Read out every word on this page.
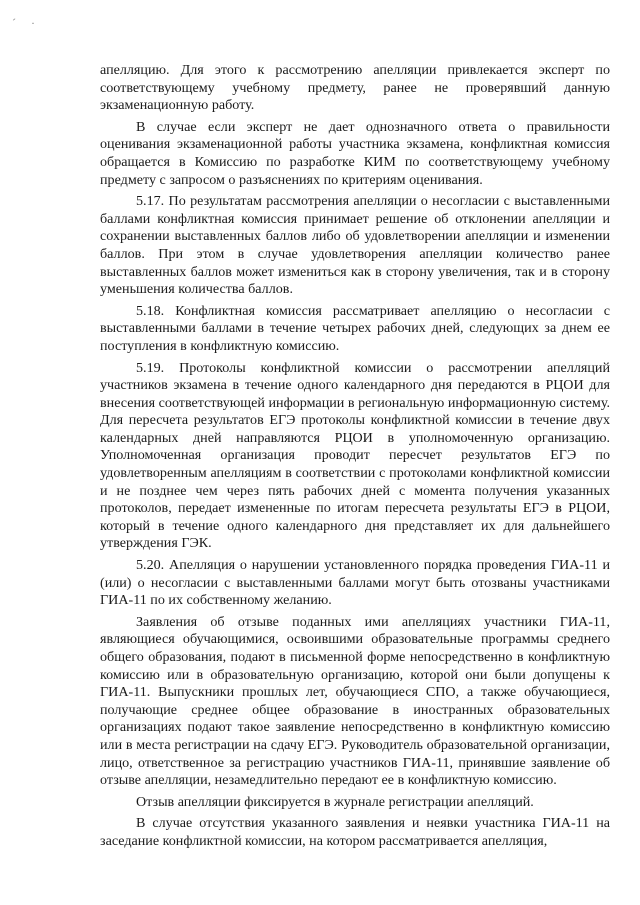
´ ·

апелляцию. Для этого к рассмотрению апелляции привлекается эксперт по соответствующему учебному предмету, ранее не проверявший данную экзаменационную работу.

В случае если эксперт не дает однозначного ответа о правильности оценивания экзаменационной работы участника экзамена, конфликтная комиссия обращается в Комиссию по разработке КИМ по соответствующему учебному предмету с запросом о разъяснениях по критериям оценивания.

5.17. По результатам рассмотрения апелляции о несогласии с выставленными баллами конфликтная комиссия принимает решение об отклонении апелляции и сохранении выставленных баллов либо об удовлетворении апелляции и изменении баллов. При этом в случае удовлетворения апелляции количество ранее выставленных баллов может измениться как в сторону увеличения, так и в сторону уменьшения количества баллов.

5.18. Конфликтная комиссия рассматривает апелляцию о несогласии с выставленными баллами в течение четырех рабочих дней, следующих за днем ее поступления в конфликтную комиссию.

5.19. Протоколы конфликтной комиссии о рассмотрении апелляций участников экзамена в течение одного календарного дня передаются в РЦОИ для внесения соответствующей информации в региональную информационную систему. Для пересчета результатов ЕГЭ протоколы конфликтной комиссии в течение двух календарных дней направляются РЦОИ в уполномоченную организацию. Уполномоченная организация проводит пересчет результатов ЕГЭ по удовлетворенным апелляциям в соответствии с протоколами конфликтной комиссии и не позднее чем через пять рабочих дней с момента получения указанных протоколов, передает измененные по итогам пересчета результаты ЕГЭ в РЦОИ, который в течение одного календарного дня представляет их для дальнейшего утверждения ГЭК.

5.20. Апелляция о нарушении установленного порядка проведения ГИА-11 и (или) о несогласии с выставленными баллами могут быть отозваны участниками ГИА-11 по их собственному желанию.

Заявления об отзыве поданных ими апелляциях участники ГИА-11, являющиеся обучающимися, освоившими образовательные программы среднего общего образования, подают в письменной форме непосредственно в конфликтную комиссию или в образовательную организацию, которой они были допущены к ГИА-11. Выпускники прошлых лет, обучающиеся СПО, а также обучающиеся, получающие среднее общее образование в иностранных образовательных организациях подают такое заявление непосредственно в конфликтную комиссию или в места регистрации на сдачу ЕГЭ. Руководитель образовательной организации, лицо, ответственное за регистрацию участников ГИА-11, принявшие заявление об отзыве апелляции, незамедлительно передают ее в конфликтную комиссию.

Отзыв апелляции фиксируется в журнале регистрации апелляций.

В случае отсутствия указанного заявления и неявки участника ГИА-11 на заседание конфликтной комиссии, на котором рассматривается апелляция,
